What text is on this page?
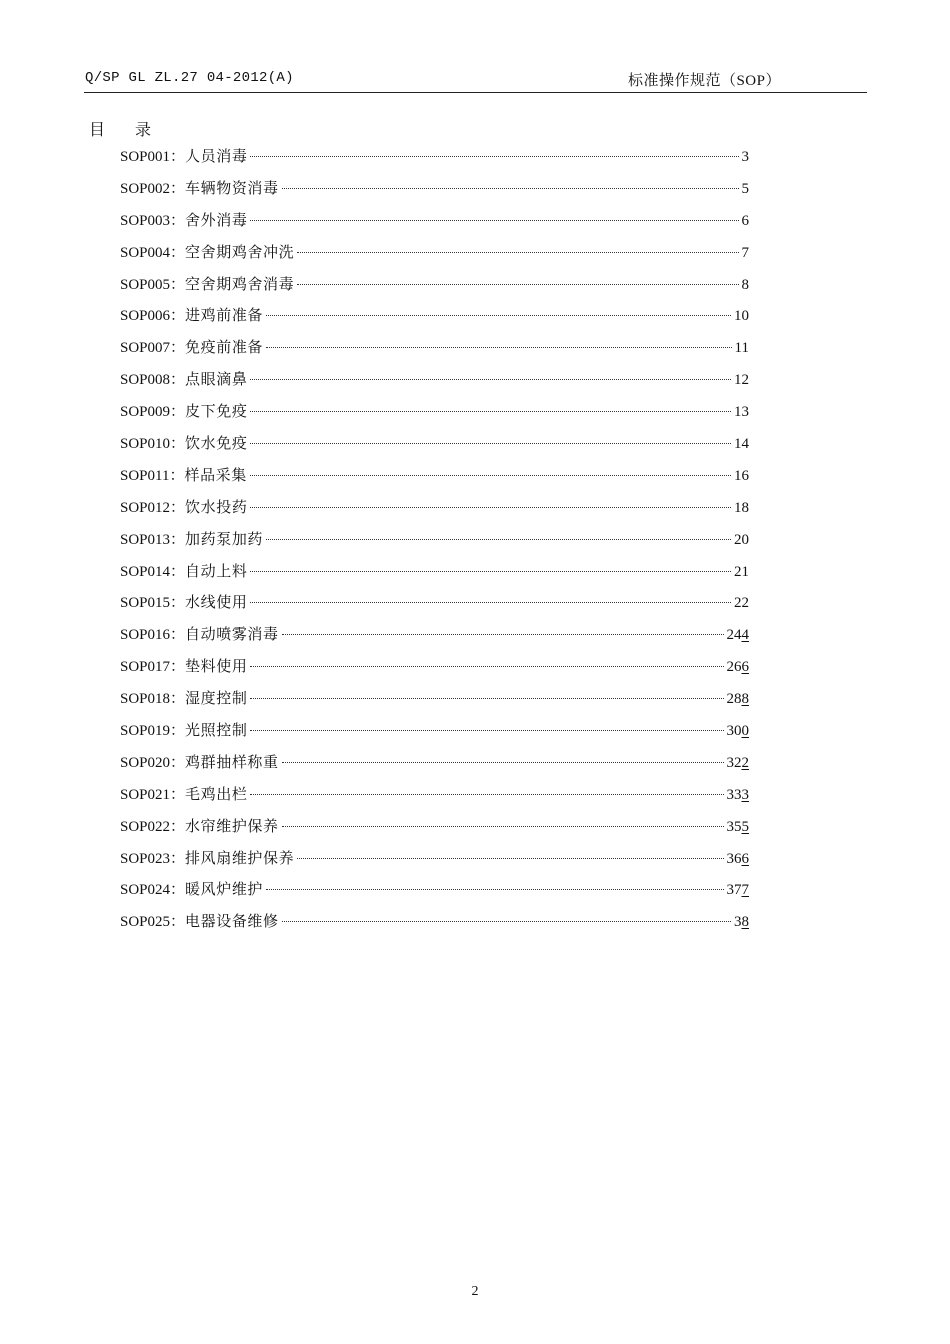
Q/SP GL ZL.27 04-2012(A)	标准操作规范（SOP）
目录
SOP001： 人员消毒	3
SOP002： 车辆物资消毒	5
SOP003： 舍外消毒	6
SOP004： 空舍期鸡舍冲洗	7
SOP005： 空舍期鸡舍消毒	8
SOP006： 进鸡前准备	10
SOP007： 免疫前准备	11
SOP008： 点眼滴鼻	12
SOP009： 皮下免疫	13
SOP010： 饮水免疫	14
SOP011： 样品采集	16
SOP012： 饮水投药	18
SOP013： 加药泵加药	20
SOP014： 自动上料	21
SOP015： 水线使用	22
SOP016： 自动喷雾消毒	244
SOP017： 垫料使用	266
SOP018： 湿度控制	288
SOP019： 光照控制	300
SOP020： 鸡群抽样称重	322
SOP021： 毛鸡出栏	333
SOP022： 水帘维护保养	355
SOP023： 排风扇维护保养	366
SOP024： 暖风炉维护	377
SOP025： 电器设备维修	38
2
